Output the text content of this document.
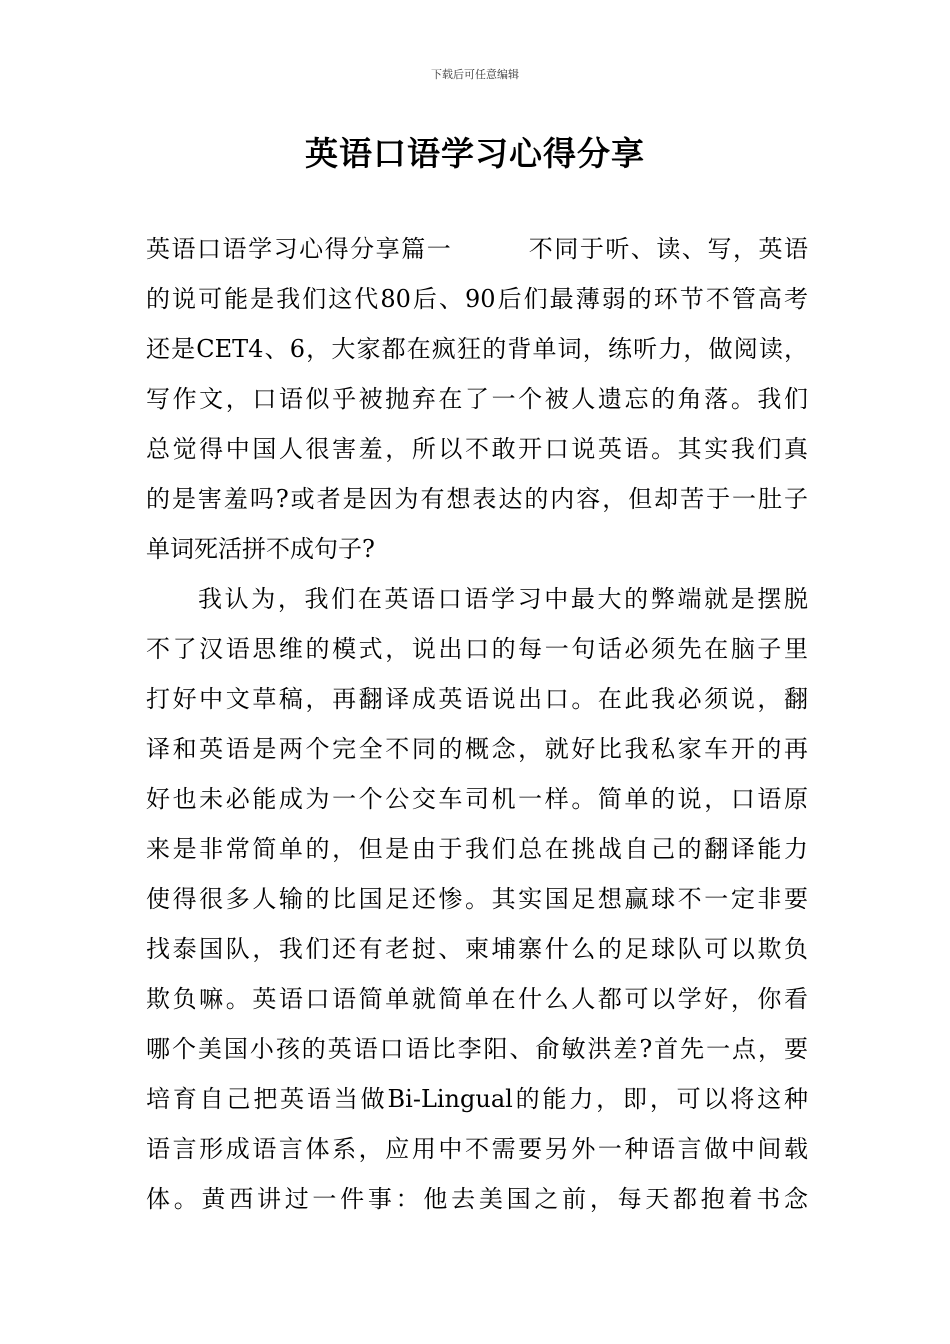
下载后可任意编辑
英语口语学习心得分享
英语口语学习心得分享篇一　　　不同于听、读、写，英语
的说可能是我们这代80后、90后们最薄弱的环节不管高考
还是CET4、6，大家都在疯狂的背单词，练听力，做阅读，
写作文，口语似乎被抛弃在了一个被人遗忘的角落。我们
总觉得中国人很害羞，所以不敢开口说英语。其实我们真
的是害羞吗?或者是因为有想表达的内容，但却苦于一肚子
单词死活拼不成句子?
我认为，我们在英语口语学习中最大的弊端就是摆脱
不了汉语思维的模式，说出口的每一句话必须先在脑子里
打好中文草稿，再翻译成英语说出口。在此我必须说，翻
译和英语是两个完全不同的概念，就好比我私家车开的再
好也未必能成为一个公交车司机一样。简单的说，口语原
来是非常简单的，但是由于我们总在挑战自己的翻译能力
使得很多人输的比国足还惨。其实国足想赢球不一定非要
找泰国队，我们还有老挝、柬埔寨什么的足球队可以欺负
欺负嘛。英语口语简单就简单在什么人都可以学好，你看
哪个美国小孩的英语口语比李阳、俞敏洪差?首先一点，要
培育自己把英语当做Bi-Lingual的能力，即，可以将这种
语言形成语言体系，应用中不需要另外一种语言做中间载
体。黄西讲过一件事：他去美国之前，每天都抱着书念
